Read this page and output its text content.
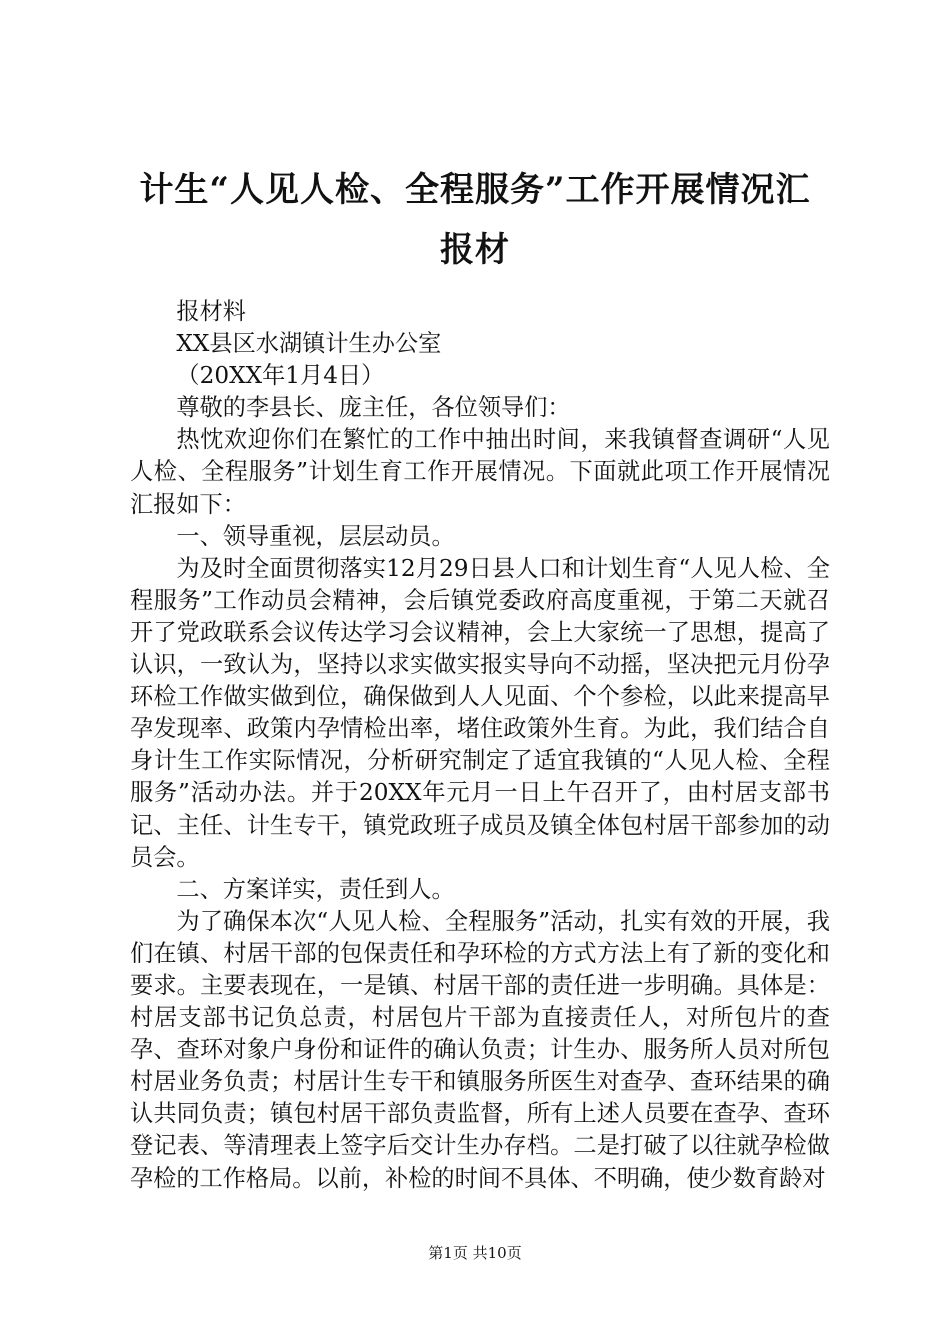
计生“人见人检、全程服务”工作开展情况汇
报材

报材料

XX县区水湖镇计生办公室

（20XX年1月4日）

尊敬的李县长、庞主任，各位领导们：

热忱欢迎你们在繁忙的工作中抽出时间，来我镇督查调研“人见人检、全程服务”计划生育工作开展情况。下面就此项工作开展情况汇报如下：

一、领导重视，层层动员。

为及时全面贯彻落实12月29日县人口和计划生育“人见人检、全程服务”工作动员会精神，会后镇党委政府高度重视，于第二天就召开了党政联系会议传达学习会议精神，会上大家统一了思想，提高了认识，一致认为，坚持以求实做实报实导向不动摇，坚决把元月份孕环检工作做实做到位，确保做到人人见面、个个参检，以此来提高早孕发现率、政策内孕情检出率，堵住政策外生育。为此，我们结合自身计生工作实际情况，分析研究制定了适宜我镇的“人见人检、全程服务”活动办法。并于20XX年元月一日上午召开了，由村居支部书记、主任、计生专干，镇党政班子成员及镇全体包村居干部参加的动员会。

二、方案详实，责任到人。

为了确保本次“人见人检、全程服务”活动，扎实有效的开展，我们在镇、村居干部的包保责任和孕环检的方式方法上有了新的变化和要求。主要表现在，一是镇、村居干部的责任进一步明确。具体是：村居支部书记负总责，村居包片干部为直接责任人，对所包片的查孕、查环对象户身份和证件的确认负责；计生办、服务所人员对所包村居业务负责；村居计生专干和镇服务所医生对查孕、查环结果的确认共同负责；镇包村居干部负责监督，所有上述人员要在查孕、查环登记表、等清理表上签字后交计生办存档。二是打破了以往就孕检做孕检的工作格局。以前，补检的时间不具体、不明确，使少数育龄对

第1页 共10页
